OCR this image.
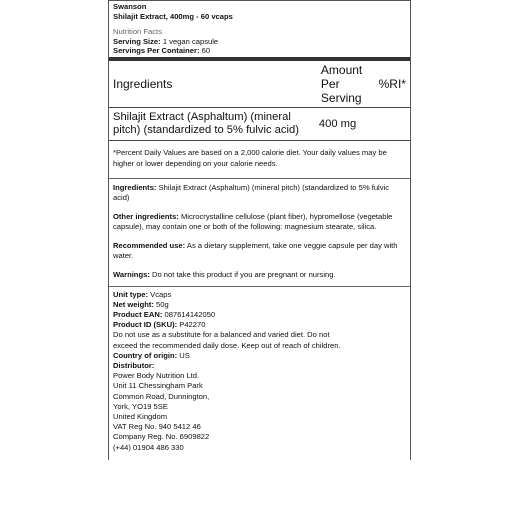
Swanson
Shilajit Extract, 400mg - 60 vcaps
Nutrition Facts
Serving Size: 1 vegan capsule
Servings Per Container: 60
Ingredients	Amount Per Serving	%RI*
Shilajit Extract (Asphaltum) (mineral pitch) (standardized to 5% fulvic acid)	400 mg	
*Percent Daily Values are based on a 2,000 calorie diet. Your daily values may be higher or lower depending on your calorie needs.

Ingredients: Shilajit Extract (Asphaltum) (mineral pitch) (standardized to 5% fulvic acid)

Other ingredients: Microcrystalline cellulose (plant fiber), hypromellose (vegetable capsule), may contain one or both of the following: magnesium stearate, silica.

Recommended use: As a dietary supplement, take one veggie capsule per day with water.

Warnings: Do not take this product if you are pregnant or nursing.

Unit type: Vcaps
Net weight: 50g
Product EAN: 087614142050
Product ID (SKU): P42270
Do not use as a substitute for a balanced and varied diet. Do not
exceed the recommended daily dose. Keep out of reach of children.
Country of origin: US
Distributor:
Power Body Nutrition Ltd.
Unit 11 Chessingham Park
Common Road, Dunnington,
York, YO19 5SE
United Kingdom
VAT Reg No. 940 5412 46
Company Reg. No. 6909822
(+44) 01904 486 330
